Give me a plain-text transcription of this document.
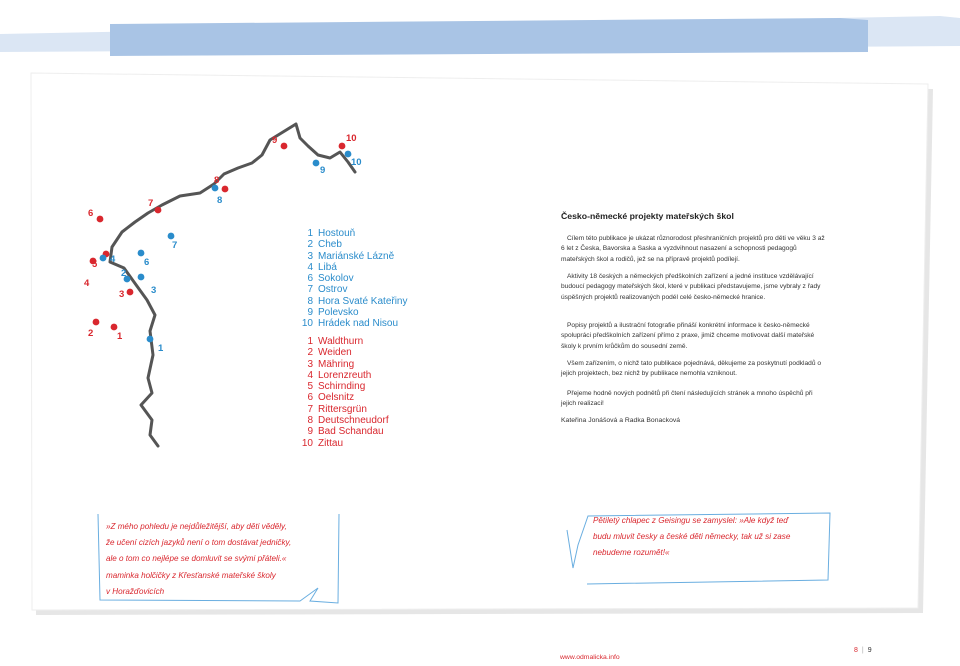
6
7
8
9	10
5
4
3
2 1
4
2
6
7
3
1
8
9
10
1 Hostouň
2 Cheb
3 Mariánské Lázně
4 Libá
6 Sokolov
7 Ostrov
8 Hora Svaté Kateřiny
9 Polevsko
10 Hrádek nad Nisou
1 Waldthurn
2 Weiden
3 Mähring
4 Lorenzreuth
5 Schirnding
6 Oelsnitz
7 Rittersgrün
8 Deutschneudorf
9 Bad Schandau
10 Zittau
Česko-německé projekty mateřských škol

Cílem této publikace je ukázat různorodost přeshraničních projektů pro děti ve věku 3 až 6 let z Česka, Bavorska a Saska a vyzdvihnout nasazení a schopnosti pedagogů mateřských škol a rodičů, jež se na přípravě projektů podílejí.

Aktivity 18 českých a německých předškolních zařízení a jedné instituce vzdělávající budoucí pedagogy mateřských škol, které v publikaci představujeme, jsme vybraly z řady úspěšných projektů realizovaných podél celé česko-německé hranice.

Popisy projektů a ilustrační fotografie přináší konkrétní informace k česko-německé spolupráci předškolních zařízení přímo z praxe, jimiž chceme motivovat další mateřské školy k prvním krůčkům do sousední země.

Všem zařízením, o nichž tato publikace pojednává, děkujeme za poskytnutí podkladů o jejich projektech, bez nichž by publikace nemohla vzniknout.

Přejeme hodně nových podnětů při čtení následujících stránek a mnoho úspěchů při jejich realizaci!

Kateřina Jonášová a Radka Bonacková
»Z mého pohledu je nejdůležitější, aby děti věděly,
že učení cizích jazyků není o tom dostávat jedničky,
ale o tom co nejlépe se domluvit se svými přáteli.«
maminka holčičky z Křesťanské mateřské školy
v Horažďovicích
Pětiletý chlapec z Geisingu se zamyslel: »Ale když teď
budu mluvit česky a české děti německy, tak už si zase
nebudeme rozumět!«
www.odmalicka.info
8 | 9
